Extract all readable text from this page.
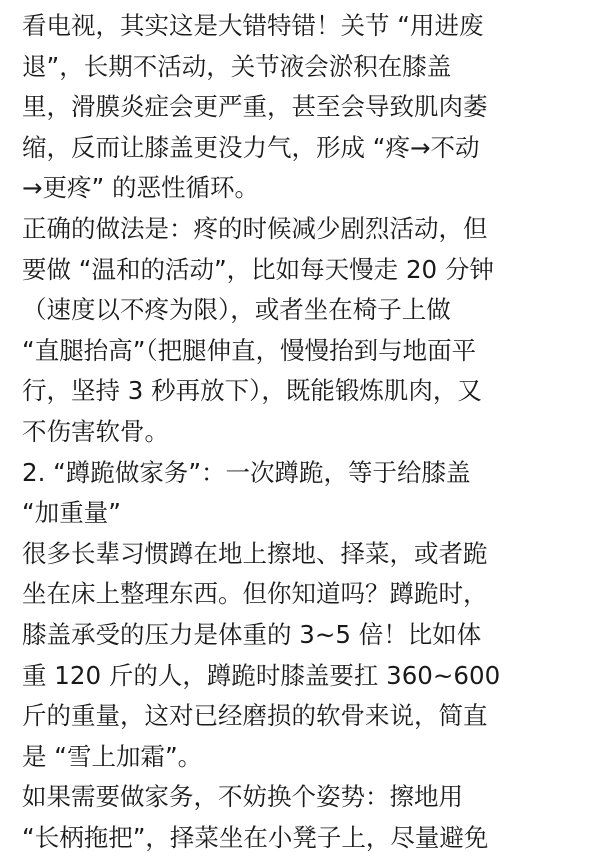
看电视，其实这是大错特错！关节 “用进废
退”，长期不活动，关节液会淤积在膝盖
里，滑膜炎症会更严重，甚至会导致肌肉萎
缩，反而让膝盖更没力气，形成 “疼→不动
→更疼” 的恶性循环。
正确的做法是：疼的时候减少剧烈活动，但
要做 “温和的活动”，比如每天慢走 20 分钟
（速度以不疼为限），或者坐在椅子上做
“直腿抬高”（把腿伸直，慢慢抬到与地面平
行，坚持 3 秒再放下），既能锻炼肌肉，又
不伤害软骨。
2. “蹲跪做家务”：一次蹲跪，等于给膝盖
“加重量”
很多长辈习惯蹲在地上擦地、择菜，或者跪
坐在床上整理东西。但你知道吗？蹲跪时，
膝盖承受的压力是体重的 3~5 倍！比如体
重 120 斤的人，蹲跪时膝盖要扛 360~600
斤的重量，这对已经磨损的软骨来说，简直
是 “雪上加霜”。
如果需要做家务，不妨换个姿势：擦地用
“长柄拖把”，择菜坐在小凳子上，尽量避免
